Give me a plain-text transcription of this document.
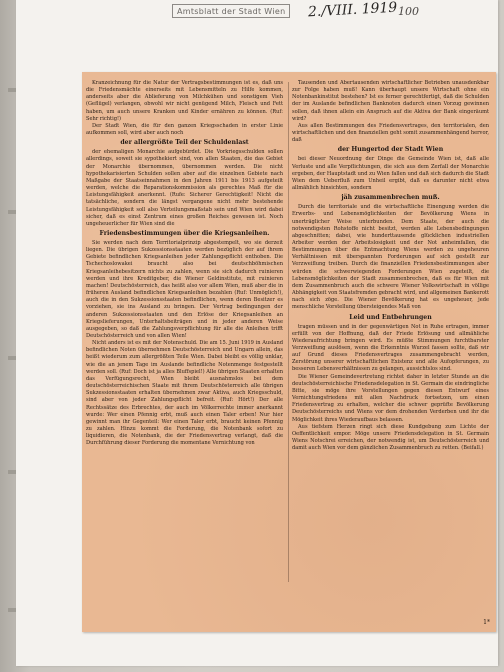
Amtsblatt der Stadt Wien	2./VIII. 1919 100

Kranzeichnung für die Natur der Vertragsbestimmungen ist es, daß uns die Friedensmächte einerseits mit Lebensmitteln zu Hilfe kommen, anderseits aber die Ablieferung von Milchkühen und sonstigem Vieh (Geflügel) verlangen, obwohl wir nicht genügend Milch, Fleisch und Fett haben, um auch unsere Kranken und Kinder ernähren zu können. (Ruf: Sehr richtig!)

Der Stadt Wien, die für den ganzen Kriegsschaden in erster Linie aufkommen soll, wird aber auch noch

der allergrößte Teil der Schuldenlast

der ehemaligen Monarchie aufgebürdet. Die Vorkriegsschulden sollen allerdings, soweit sie sypothekiert sind, von allen Staaten, die das Gebiet der Monarchie übernommen, übernommen werden. Die nicht hypothekarisierten Schulden sollen aber auf die einzelnen Gebiete nach Maßgabe der Staatseinnahmen in den Jahren 1911 bis 1913 aufgeteilt werden, welche die Reparationskommission als gerechtes Maß für die Leistungsfähigkeit anerkennt. (Rufe: Sicherer Gerechtigkeit! Nicht die tatsächliche, sondern die längst vergangene nicht mehr bestehende Leistungsfähigkeit soll also Verteilungsmaßstab sein und Wien wird dabei sicher, daß es einst Zentrum eines großen Reiches gewesen ist. Noch ungeheuerlicher für Wien sind die

Friedensbestimmungen über die Kriegsanleihen.

Sie werden nach dem Territorialprinzip abgestempelt, wo sie derzeit liegen. Die übrigen Sukzessionsstaaten werden bezüglich der auf ihrem Gebiete befindlichen Kriegsanleihen jeder Zahlungspflicht enthoben. Die Tschechoslowakei braucht also bei deutschböhmischen Kriegsanleihebesitzern nichts zu zahlen, wenn sie sich dadurch ruinieren werden und ihre Kreditgeber, die Wiener Geldinstitute, mit ruinieren machen! Deutschösterreich, das heißt also vor allem Wien, muß aber die in früheren Ausland befindlichen Kriegsanleihen bezahlen (Ruf: Unmöglich!), auch die in den Sukzessionsstaaten befindlichen, wenn deren Besitzer es vorziehen, sie ins Ausland zu bringen. Der Vertrag bedingungen der anderen Sukzessionsstaaten und den Erlöse der Kriegsanleihen an Kriegslieferungen, Unterhaltsbeiträgen und in jeder anderen Weise ausgegeben, so daß die Zahlungsverpflichtung für alle die Anleihen trifft Deutschösterreich und von allen Wien!

Nicht anders ist es mit der Notenschuld. Die am 15. Juni 1919 in Ausland befindlichen Noten übernehmen Deutschösterreich und Ungarn allein, das heißt wiederum zum allergrößten Teile Wien. Dabei bleibt es völlig unklar, wie die an jenem Tage im Auslande befindliche Notenmenge festgestellt werden soll. (Ruf: Doch ist ja alles Bluffspiel!) Alle übrigen Staaten erhalten das Verfügungsrecht, Wien bleibt ausnahmslos bei dem deutschösterreichischen Staate mit ihrem Deutschösterreich alle übrigen Sukzessionsstaaten erhalten übernehmen zwar Aktiva, auch Kriegsschuld, sind aber von jeder Zahlungspflicht befreit. (Ruf: Hört!) Der alle Rechtssätze des Erbrechtes, der auch im Völkerrechte immer anerkannt wurde: Wer einen Pfennig erbt, muß auch einen Taler erben! Nur hier gewinnt man ihr Gegenteil: Wer einen Taler erbt, braucht keinen Pfennig zu zahlen. Hinzu kommt die Forderung, die Notenbank sofort zu liquidieren, die Notenbank, die der Friedensvertrag verlangt, daß die Durchführung dieser Forderung die momentane Vernichtung von

Tausenden und Abertausenden wirtschaftlicher Betrieben unausdenkbar zur Folge haben muß! Kann überhaupt unsere Wirtschaft ohne ein Notenbankinstitut bestehen? Ist es ferner gerechtfertigt, daß die Schulden der im Auslande befindlichen Banknoten dadurch einen Vorzug gewinnen sollen, daß ihnen allein ein Anspruch auf die Aktiva der Bank eingeräumt wird?

Aus allen Bestimmungen des Friedensvertrages, den territorialen, den wirtschaftlichen und den finanziellen geht somit zusammenhängend hervor, daß

der Hungertod der Stadt Wien

bei dieser Neuordnung der Dinge die Gemeinde Wien ist, daß alle Verluste und alle Verpflichtungen, die sich aus dem Zerfall der Monarchie ergeben, der Hauptstadt und zu Wien fallen und daß sich dadurch die Stadt Wien dem Ueberfluß zum Unheil ergibt, daß es darunter nicht etwa allmählich hinsichten, sondern

jäh zusammenbrechen muß.

Durch die territoriale und die wirtschaftliche Einengung werden die Erwerbs- und Lebensmöglichkeiten der Bevölkerung Wiens in unerträglicher Weise unterbunden. Dem Staate, der auch die notwendigsten Rohstoffe nicht besitzt, werden alle Lebensbedingungen abgeschnitten; dabei, wie hunderttausende glücklichen industriellen Arbeiter werden der Arbeitslosigkeit und der Not anheimfallen, die Bestimmungen über die Entmachtung Wiens werden zu ungeheuren Verhältnissen mit überspannten Forderungen auf sich gestellt zur Verzweiflung treiben. Durch die finanziellen Friedensbestimmungen aber würden die schwerwiegenden Forderungen Wien zugeteilt, die Lebensmöglichkeiten der Stadt zusammenbrechen, daß es für Wien mit dem Zusammenbruch auch die schwere Wiener Volkswirtschaft in völlige Abhängigkeit von Staatsfremden gebracht wird, und allgemeinen Bankerott nach sich zöge. Die Wiener Bevölkerung hat es ungeheuer, jede menschliche Vorstellung übersteigendes Maß von

Leid und Entbehrungen

tragen müssen und in der gegenwärtigen Not in Ruhe ertragen, immer erfüllt von der Hoffnung, daß der Friede Erlösung und allmähliche Wiederaufrichtung bringen wird. Es müßte Stimmungen furchtbarster Verzweiflung auslösen, wenn die Erkenntnis Wurzel fassen sollte, daß wir auf Grund dieses Friedensvertrages zusammengebracht werden, Zerstörung unserer wirtschaftlichen Existenz und alle Aufopferungen, zu besseren Lebensverhältnissen zu gelangen, aussichtslos sind.

Die Wiener Gemeindevertretung richtet daher in letzter Stunde an die deutschösterreichische Friedensdelegation in St. Germain die eindringliche Bitte, sie möge ihre Vorstellungen gegen diesen Entwurf eines Vernichtungsfriedens mit allen Nachdruck fortsetzen, um einen Friedensvertrag zu erhalten, welcher die schwer geprüfte Bevölkerung Deutschösterreichs und Wiens vor dem drohenden Verderben und ihr die Möglichkeit ihres Wiederaufbaus belassen.

Aus tiefstem Herzen ringt sich diese Kundgebung zum Lichte der Oeffentlichkeit empor. Möge unsere Friedensdelegation in St. Germain Wiens Notschrei erreichen, der notwendig ist, um Deutschösterreich und damit auch Wien vor dem gänzlichen Zusammenbruch zu retten. (Beifall.)

1*
